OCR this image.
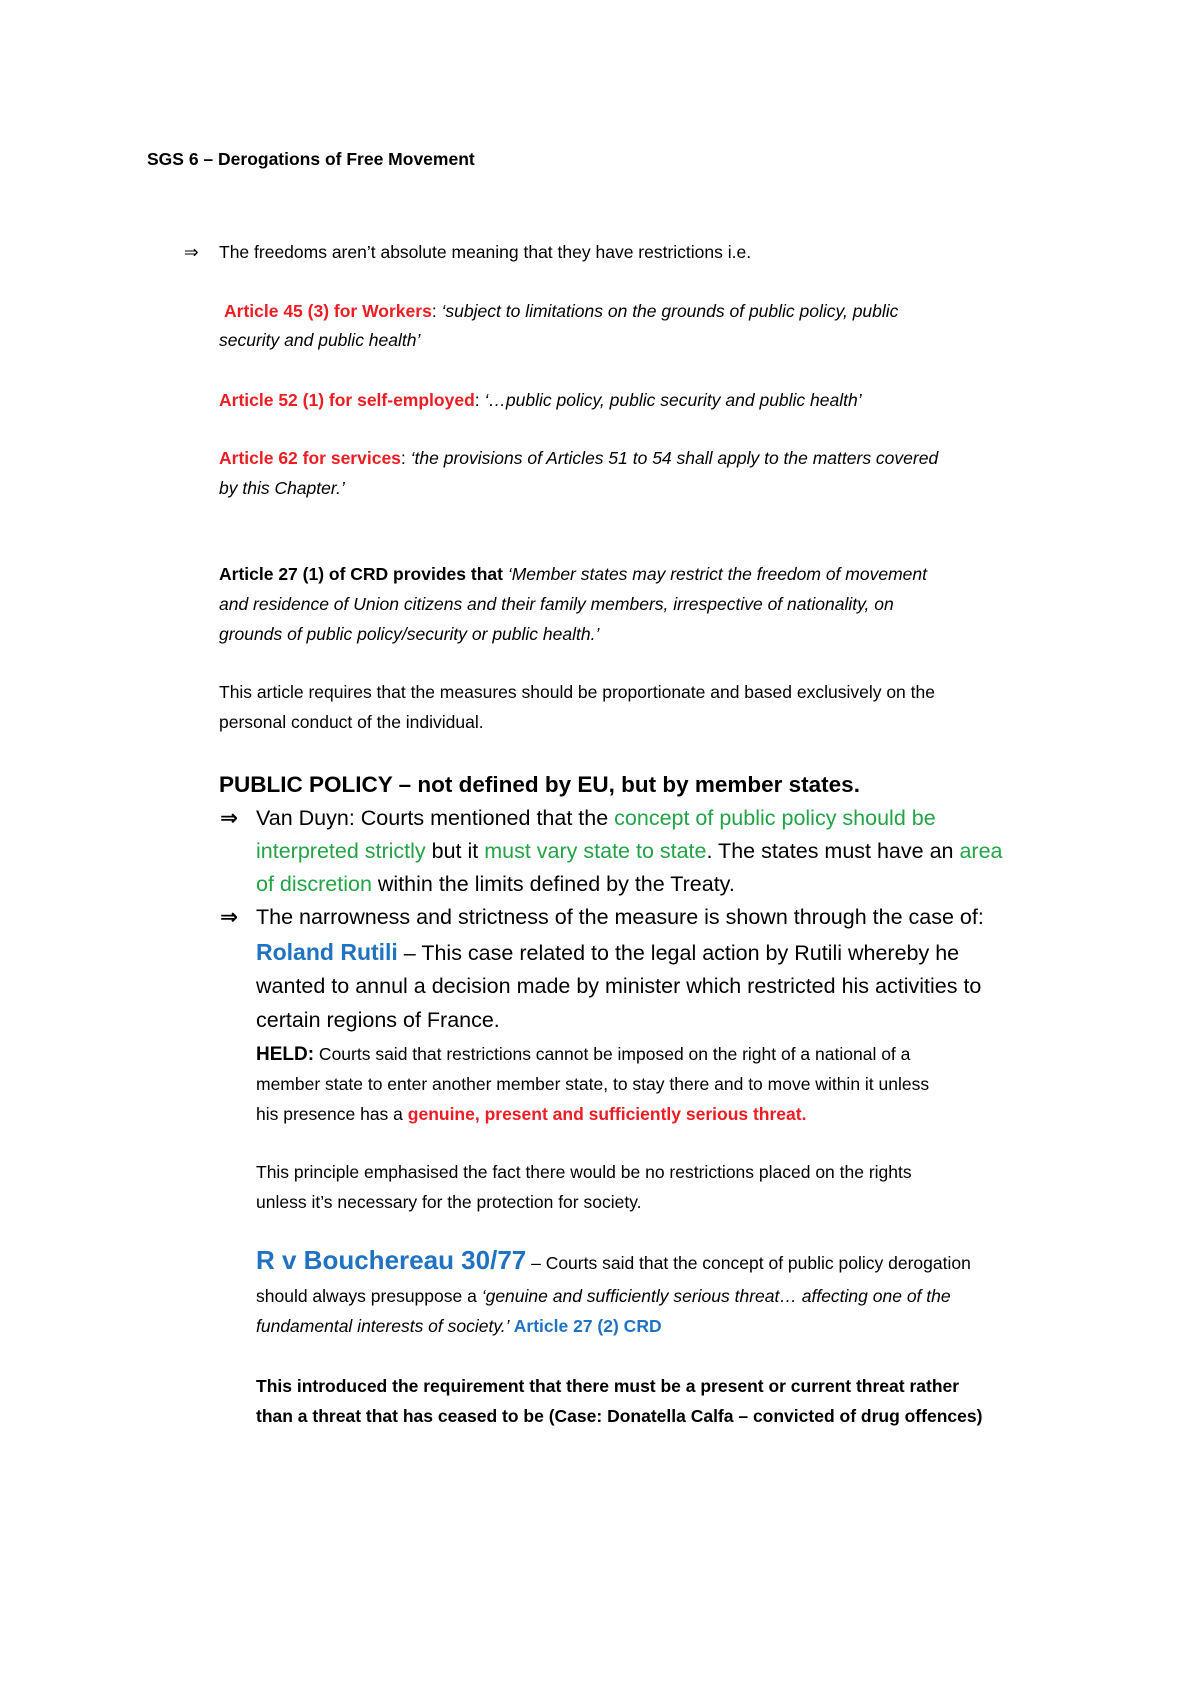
SGS 6 – Derogations of Free Movement
⇒ The freedoms aren’t absolute meaning that they have restrictions i.e.
Article 45 (3) for Workers: ‘subject to limitations on the grounds of public policy, public
security and public health’
Article 52 (1) for self-employed: ‘…public policy, public security and public health’
Article 62 for services: ‘the provisions of Articles 51 to 54 shall apply to the matters covered
by this Chapter.’
Article 27 (1) of CRD provides that ‘Member states may restrict the freedom of movement
and residence of Union citizens and their family members, irrespective of nationality, on
grounds of public policy/security or public health.’
This article requires that the measures should be proportionate and based exclusively on the
personal conduct of the individual.
PUBLIC POLICY – not defined by EU, but by member states.
⇒ Van Duyn: Courts mentioned that the concept of public policy should be
interpreted strictly but it must vary state to state. The states must have an area
of discretion within the limits defined by the Treaty.
⇒ The narrowness and strictness of the measure is shown through the case of:
Roland Rutili – This case related to the legal action by Rutili whereby he
wanted to annul a decision made by minister which restricted his activities to
certain regions of France.
HELD: Courts said that restrictions cannot be imposed on the right of a national of a
member state to enter another member state, to stay there and to move within it unless
his presence has a genuine, present and sufficiently serious threat.
This principle emphasised the fact there would be no restrictions placed on the rights
unless it’s necessary for the protection for society.
R v Bouchereau 30/77 – Courts said that the concept of public policy derogation
should always presuppose a ‘genuine and sufficiently serious threat… affecting one of the
fundamental interests of society.’ Article 27 (2) CRD
This introduced the requirement that there must be a present or current threat rather
than a threat that has ceased to be (Case: Donatella Calfa – convicted of drug offences)
